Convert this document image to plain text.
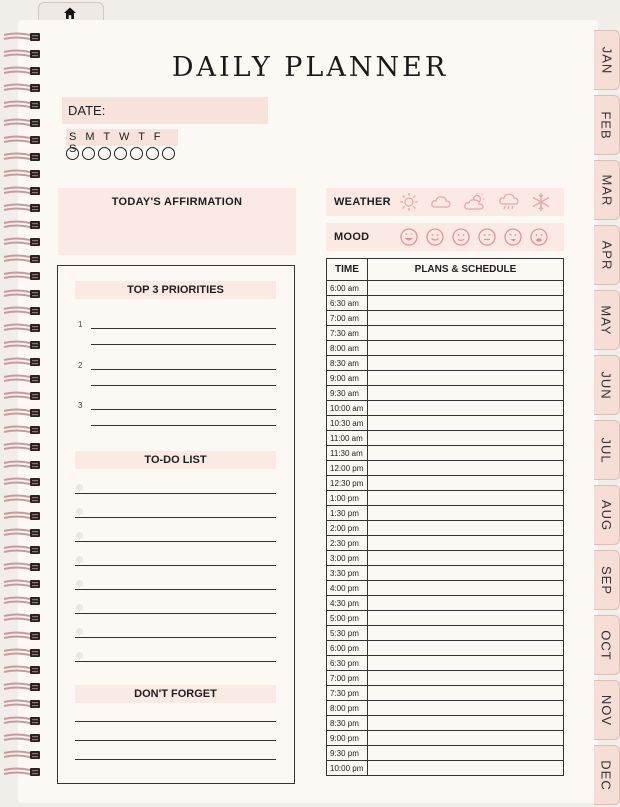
JAN
FEB
MAR
APR
MAY
JUN
JUL
AUG
SEP
OCT
NOV
DEC
DAILY PLANNER
DATE:
S M T W T F S
TODAY'S AFFIRMATION
TOP 3 PRIORITIES
1
2
3
TO-DO LIST
DON'T FORGET
WEATHER
MOOD
TIME	PLANS & SCHEDULE
6:00 am
6:30 am
7:00 am
7:30 am
8:00 am
8:30 am
9:00 am
9:30 am
10:00 am
10:30 am
11:00 am
11:30 am
12:00 pm
12:30 pm
1:00 pm
1:30 pm
2:00 pm
2:30 pm
3:00 pm
3:30 pm
4:00 pm
4:30 pm
5:00 pm
5:30 pm
6:00 pm
6:30 pm
7:00 pm
7:30 pm
8:00 pm
8:30 pm
9:00 pm
9:30 pm
10:00 pm
